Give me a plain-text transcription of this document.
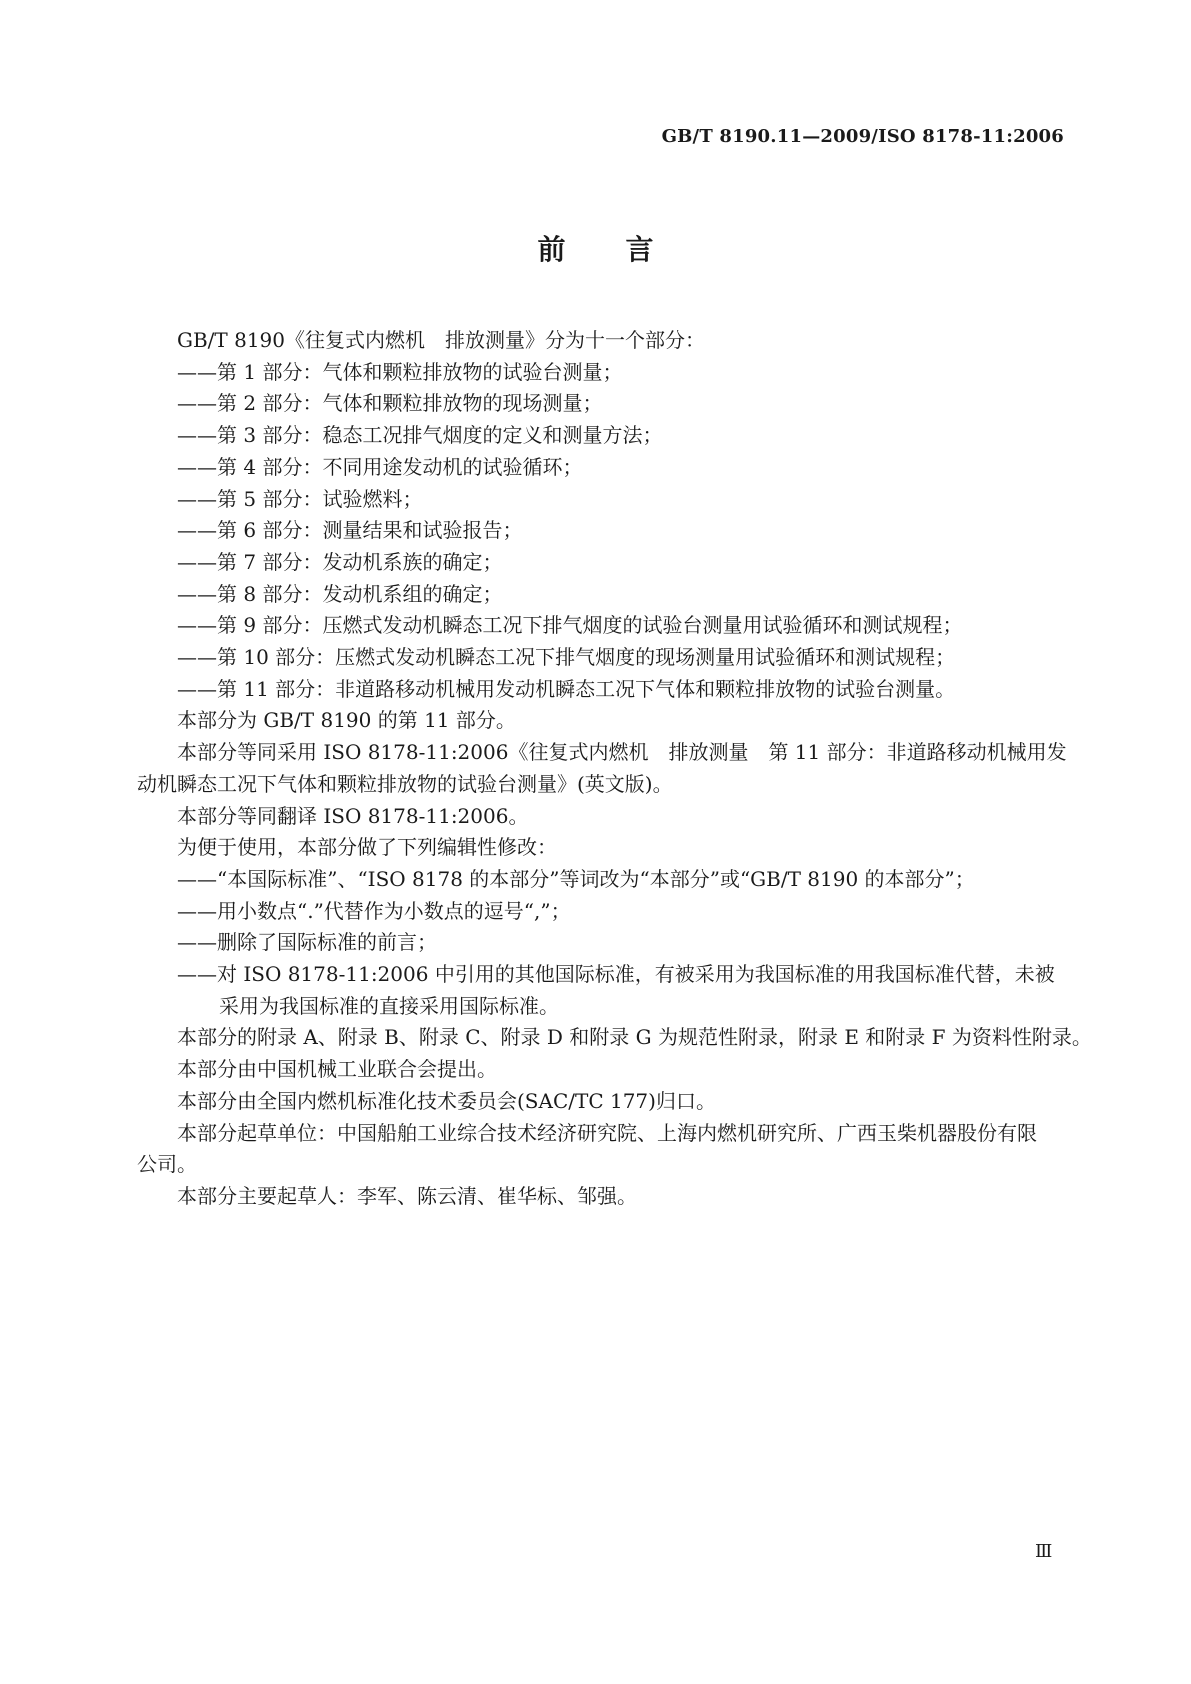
GB/T 8190.11—2009/ISO 8178-11:2006
前言
GB/T 8190《往复式内燃机　排放测量》分为十一个部分：
——第 1 部分：气体和颗粒排放物的试验台测量；
——第 2 部分：气体和颗粒排放物的现场测量；
——第 3 部分：稳态工况排气烟度的定义和测量方法；
——第 4 部分：不同用途发动机的试验循环；
——第 5 部分：试验燃料；
——第 6 部分：测量结果和试验报告；
——第 7 部分：发动机系族的确定；
——第 8 部分：发动机系组的确定；
——第 9 部分：压燃式发动机瞬态工况下排气烟度的试验台测量用试验循环和测试规程；
——第 10 部分：压燃式发动机瞬态工况下排气烟度的现场测量用试验循环和测试规程；
——第 11 部分：非道路移动机械用发动机瞬态工况下气体和颗粒排放物的试验台测量。
本部分为 GB/T 8190 的第 11 部分。
本部分等同采用 ISO 8178-11:2006《往复式内燃机　排放测量　第 11 部分：非道路移动机械用发
动机瞬态工况下气体和颗粒排放物的试验台测量》(英文版)。
本部分等同翻译 ISO 8178-11:2006。
为便于使用，本部分做了下列编辑性修改：
——“本国际标准”、“ISO 8178 的本部分”等词改为“本部分”或“GB/T 8190 的本部分”；
——用小数点“.”代替作为小数点的逗号“,”；
——删除了国际标准的前言；
——对 ISO 8178-11:2006 中引用的其他国际标准，有被采用为我国标准的用我国标准代替，未被
采用为我国标准的直接采用国际标准。
本部分的附录 A、附录 B、附录 C、附录 D 和附录 G 为规范性附录，附录 E 和附录 F 为资料性附录。
本部分由中国机械工业联合会提出。
本部分由全国内燃机标准化技术委员会(SAC/TC 177)归口。
本部分起草单位：中国船舶工业综合技术经济研究院、上海内燃机研究所、广西玉柴机器股份有限
公司。
本部分主要起草人：李军、陈云清、崔华标、邹强。
Ⅲ
